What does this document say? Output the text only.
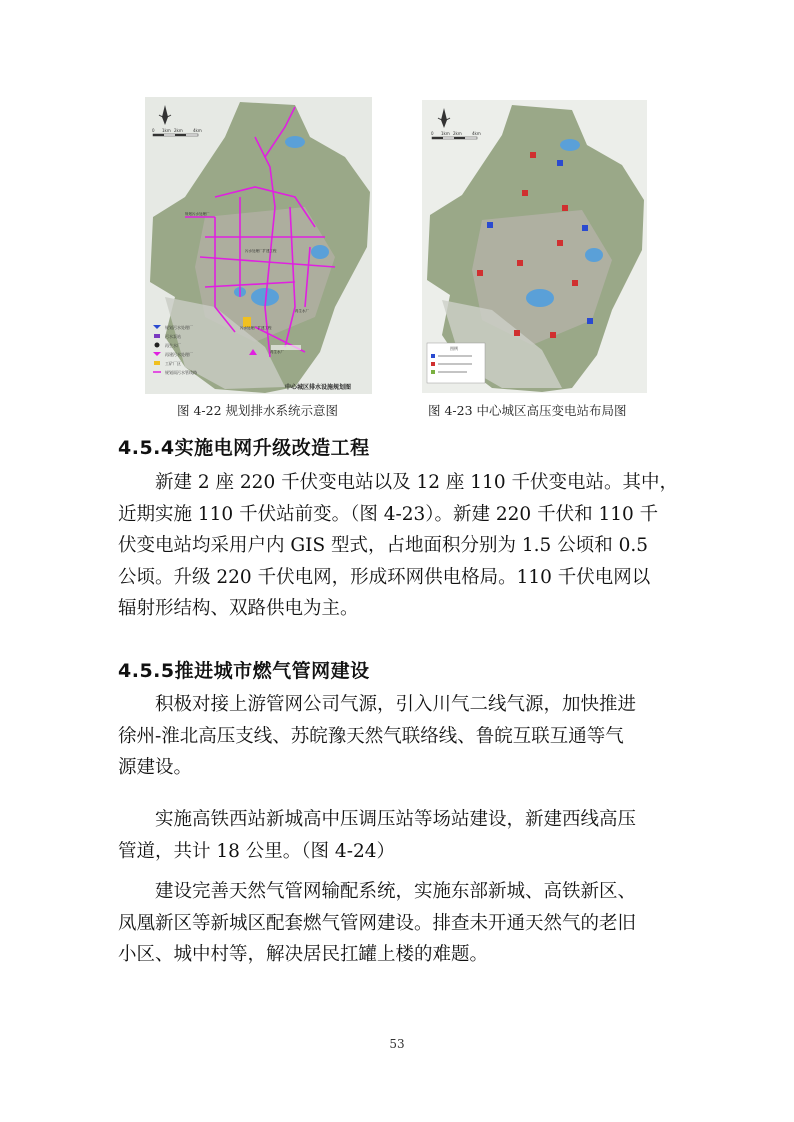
规划污水处理厂
污水处理厂扩建工程
再生水厂
污水处理厂扩建工程
再生水厂
0 1km 2km	4km
规划污水处理厂
污水泵站
再生水厂
再建污水处理厂
工矿厂区
规划雨污水管线路
中心城区排水设施规划图
图 4-22 规划排水系统示意图
0 1km 2km	4km
图例
图 4-23 中心城区高压变电站布局图
4.5.4实施电网升级改造工程
新建 2 座 220 千伏变电站以及 12 座 110 千伏变电站。其中，
近期实施 110 千伏站前变。（图 4-23）。新建 220 千伏和 110 千
伏变电站均采用户内 GIS 型式，占地面积分别为 1.5 公顷和 0.5
公顷。升级 220 千伏电网，形成环网供电格局。110 千伏电网以
辐射形结构、双路供电为主。
4.5.5推进城市燃气管网建设
积极对接上游管网公司气源，引入川气二线气源，加快推进
徐州-淮北高压支线、苏皖豫天然气联络线、鲁皖互联互通等气
源建设。
实施高铁西站新城高中压调压站等场站建设，新建西线高压
管道，共计 18 公里。（图 4-24）
建设完善天然气管网输配系统，实施东部新城、高铁新区、
凤凰新区等新城区配套燃气管网建设。排查未开通天然气的老旧
小区、城中村等，解决居民扛罐上楼的难题。
53
